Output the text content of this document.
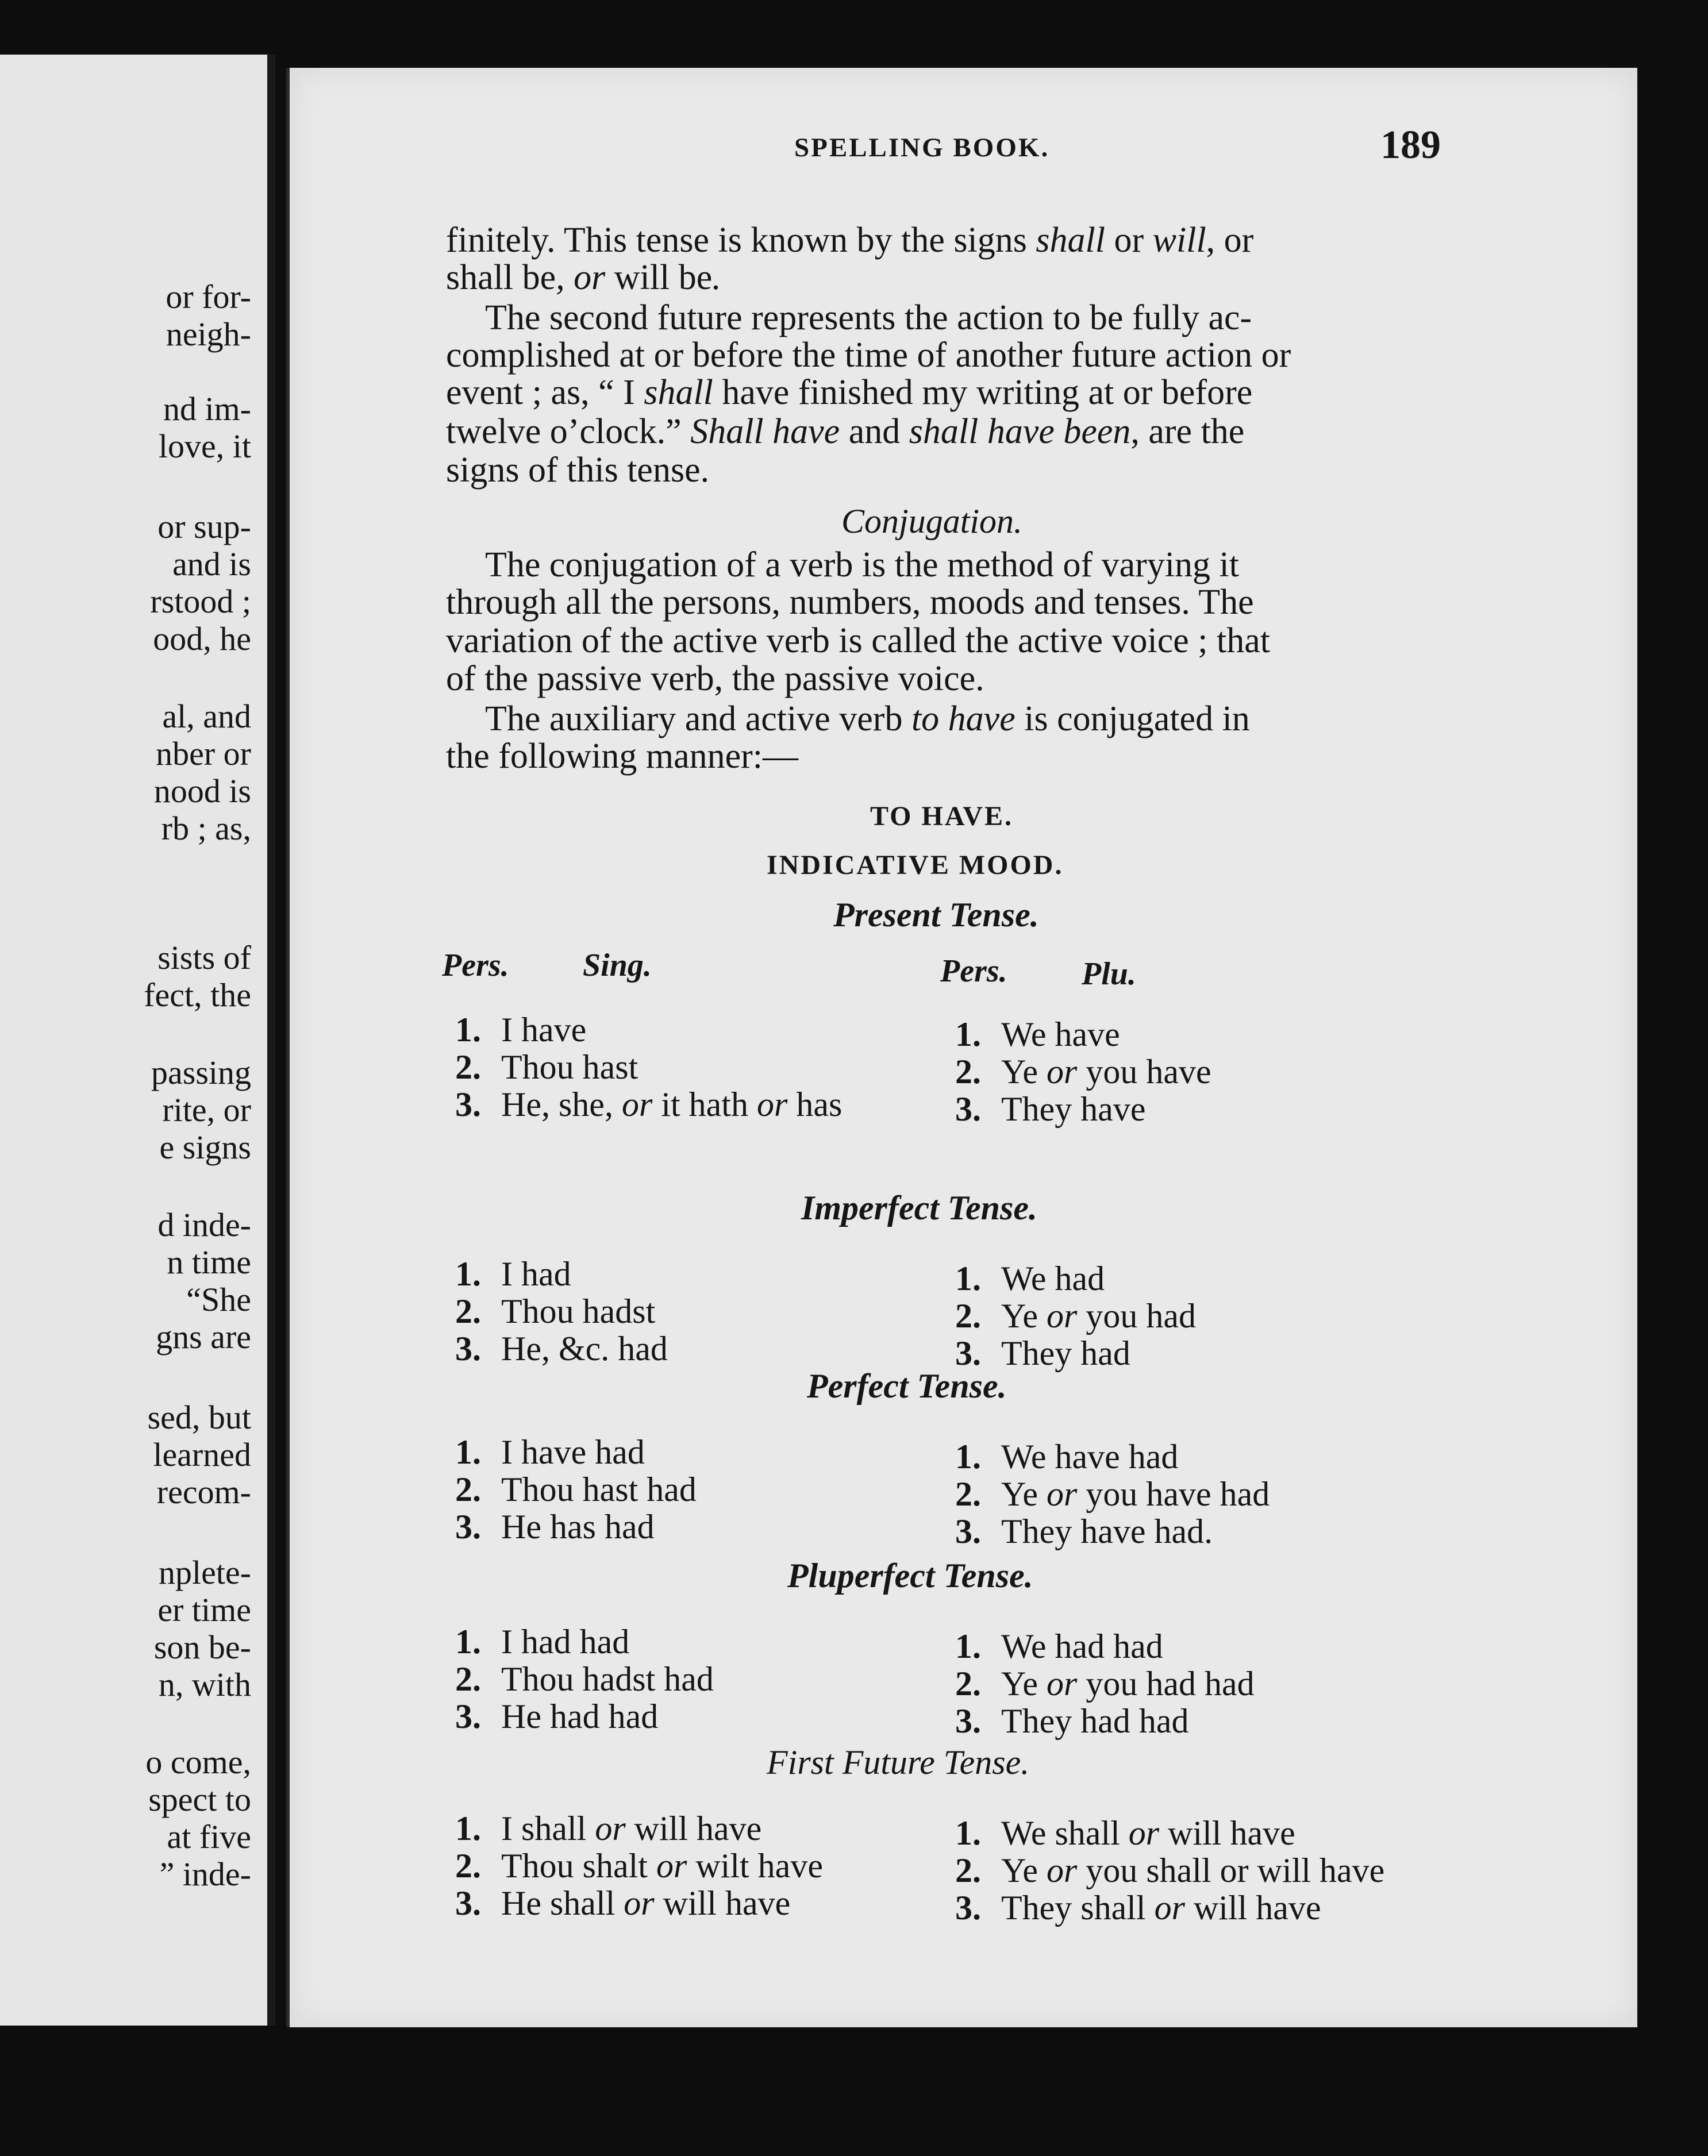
or for-
neigh-
nd im-
love, it
or sup-
and is
rstood ;
ood, he
al, and
nber or
nood is
rb ; as,
sists of
fect, the
passing
rite, or
e signs
d inde-
n time
“She
gns are
sed, but
learned
recom-
nplete-
er time
son be-
n, with
o come,
spect to
at five
” inde-
SPELLING BOOK.	189
finitely. This tense is known by the signs shall or will, or
shall be, or will be.
The second future represents the action to be fully ac-
complished at or before the time of another future action or
event ; as, “ I shall have finished my writing at or before
twelve o’clock.” Shall have and shall have been, are the
signs of this tense.
Conjugation.
The conjugation of a verb is the method of varying it
through all the persons, numbers, moods and tenses. The
variation of the active verb is called the active voice ; that
of the passive verb, the passive voice.
The auxiliary and active verb to have is conjugated in
the following manner:—
TO HAVE.
INDICATIVE MOOD.
Present Tense.
Pers. Sing.	Pers. Plu.
1. I have
2. Thou hast
3. He, she, or it hath or has
1. We have
2. Ye or you have
3. They have
Imperfect Tense.
1. I had
2. Thou hadst
3. He, &c. had
1. We had
2. Ye or you had
3. They had
Perfect Tense.
1. I have had
2. Thou hast had
3. He has had
1. We have had
2. Ye or you have had
3. They have had.
Pluperfect Tense.
1. I had had
2. Thou hadst had
3. He had had
1. We had had
2. Ye or you had had
3. They had had
First Future Tense.
1. I shall or will have
2. Thou shalt or wilt have
3. He shall or will have
1. We shall or will have
2. Ye or you shall or will have
3. They shall or will have
